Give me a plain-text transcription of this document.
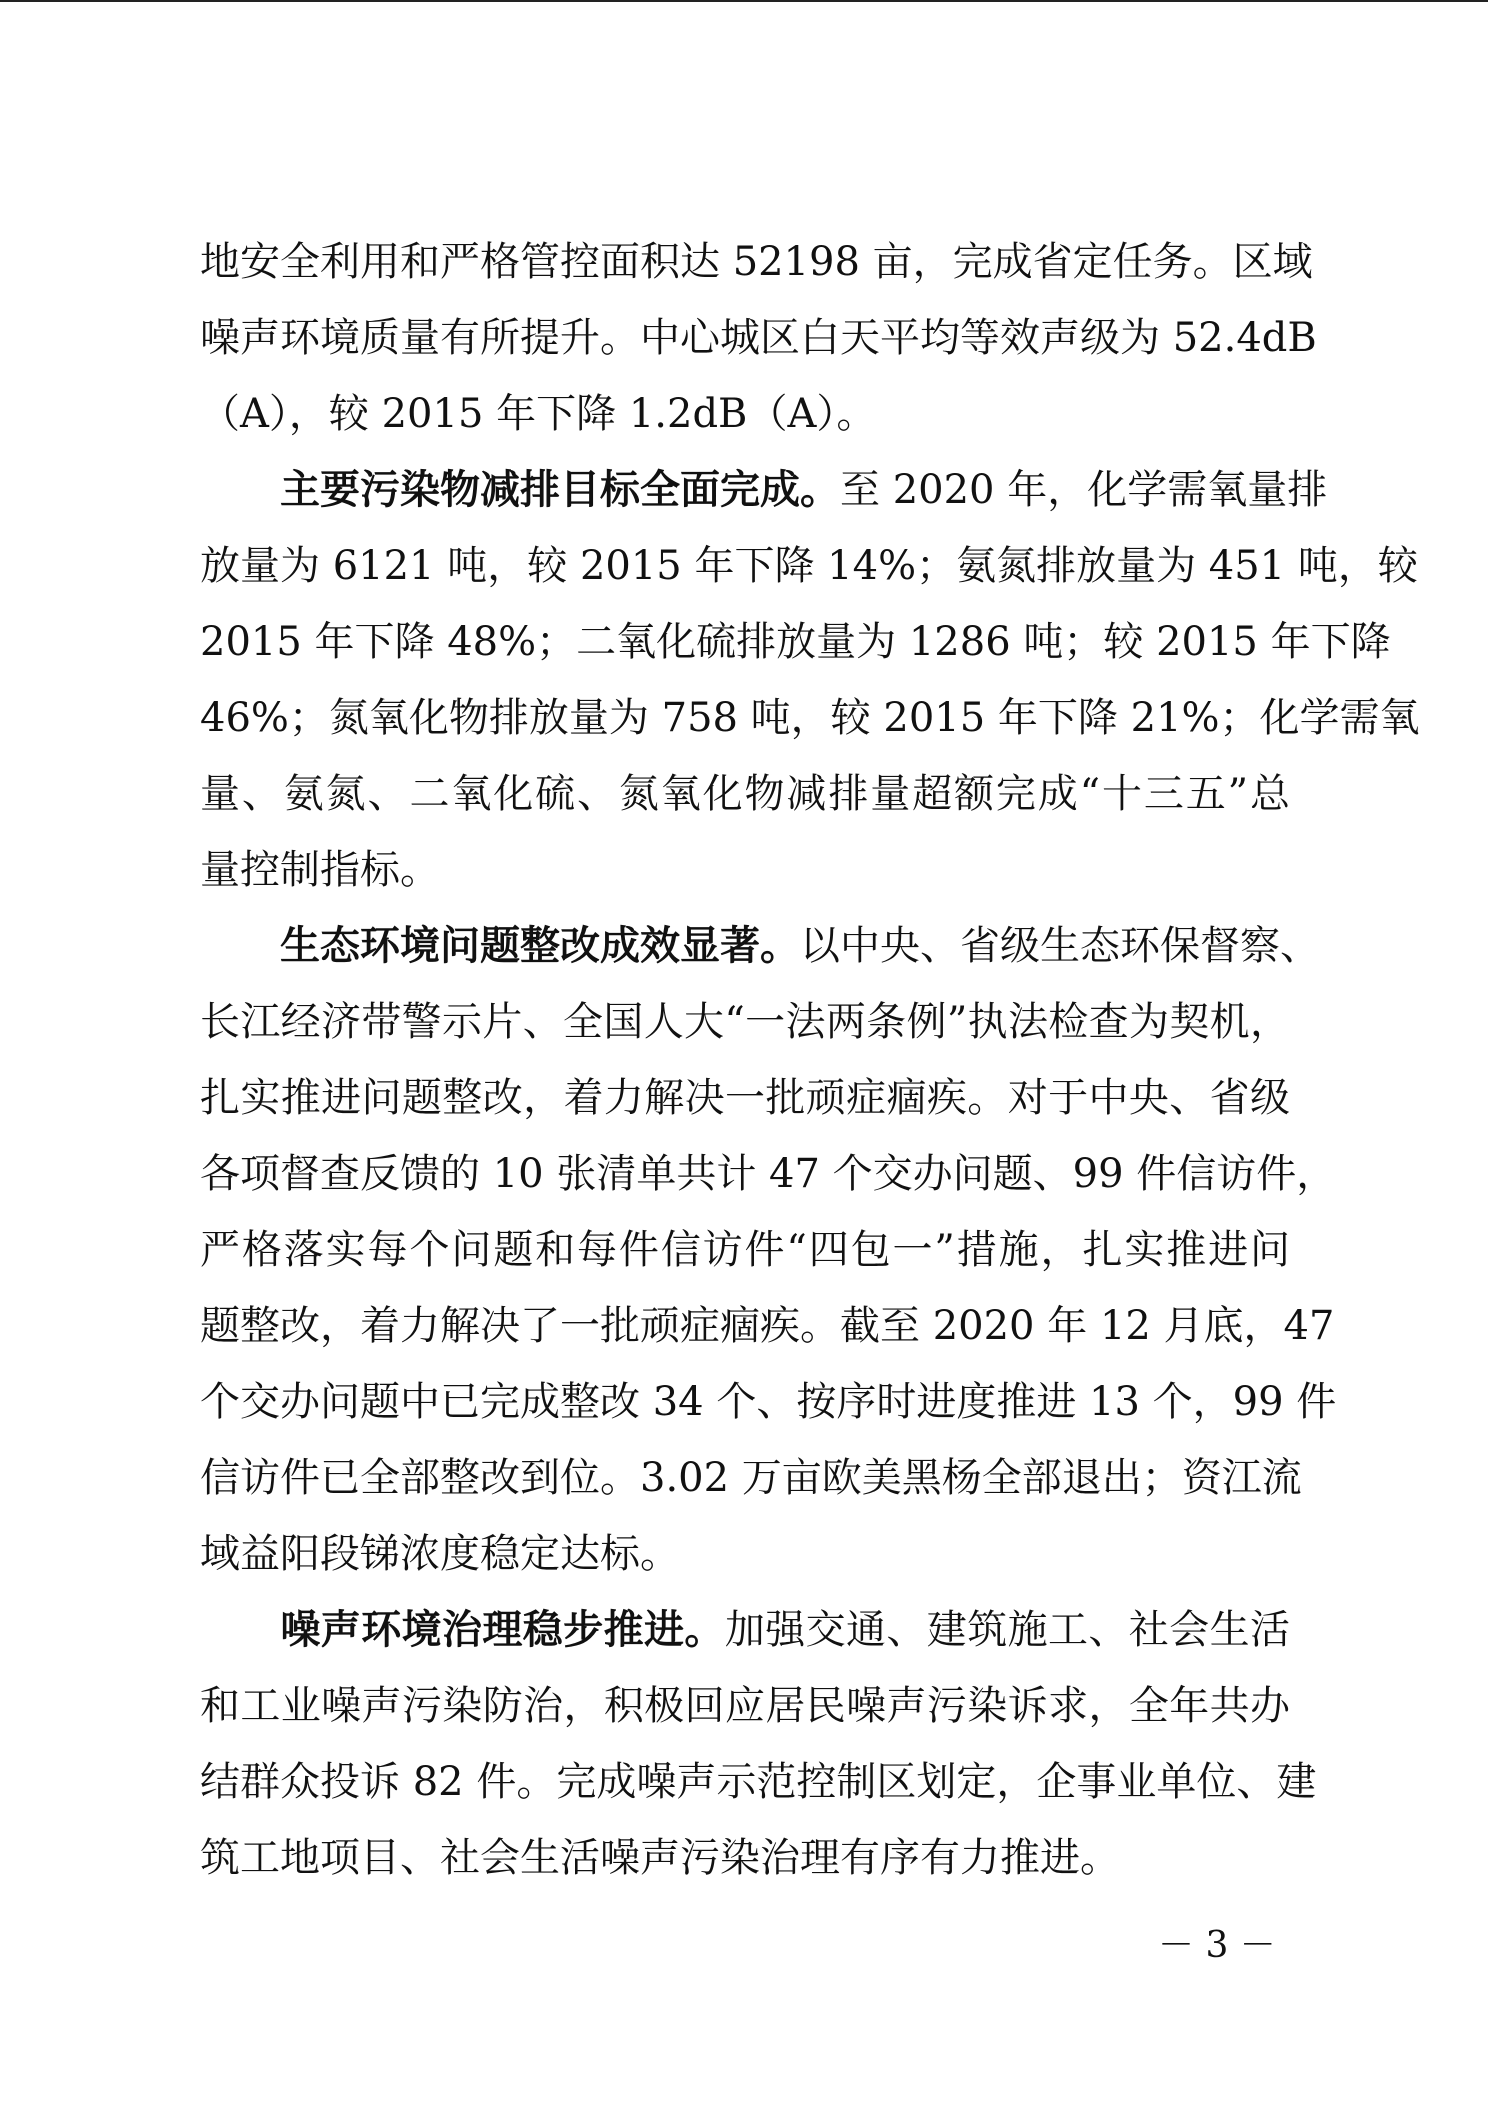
地安全利用和严格管控面积达 52198 亩，完成省定任务。区域
噪声环境质量有所提升。中心城区白天平均等效声级为 52.4dB
（A），较 2015 年下降 1.2dB（A）。
主要污染物减排目标全面完成。至 2020 年，化学需氧量排
放量为 6121 吨，较 2015 年下降 14%；氨氮排放量为 451 吨，较
2015 年下降 48%；二氧化硫排放量为 1286 吨；较 2015 年下降
46%；氮氧化物排放量为 758 吨，较 2015 年下降 21%；化学需氧
量、氨氮、二氧化硫、氮氧化物减排量超额完成“十三五”总
量控制指标。
生态环境问题整改成效显著。以中央、省级生态环保督察、
长江经济带警示片、全国人大“一法两条例”执法检查为契机，
扎实推进问题整改，着力解决一批顽症痼疾。对于中央、省级
各项督查反馈的 10 张清单共计 47 个交办问题、99 件信访件，
严格落实每个问题和每件信访件“四包一”措施，扎实推进问
题整改，着力解决了一批顽症痼疾。截至 2020 年 12 月底，47
个交办问题中已完成整改 34 个、按序时进度推进 13 个，99 件
信访件已全部整改到位。3.02 万亩欧美黑杨全部退出；资江流
域益阳段锑浓度稳定达标。
噪声环境治理稳步推进。加强交通、建筑施工、社会生活
和工业噪声污染防治，积极回应居民噪声污染诉求，全年共办
结群众投诉 82 件。完成噪声示范控制区划定，企事业单位、建
筑工地项目、社会生活噪声污染治理有序有力推进。
－ 3 －
